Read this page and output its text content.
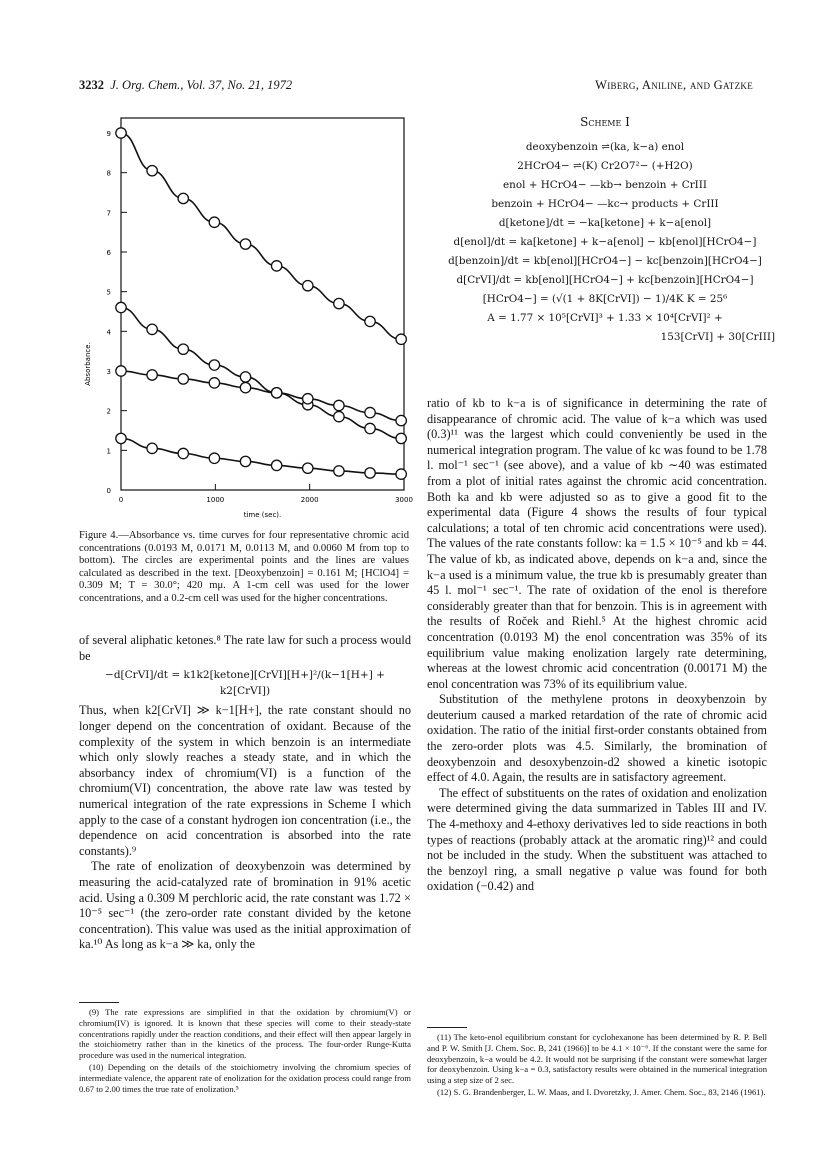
3232 J. Org. Chem., Vol. 37, No. 21, 1972	Wiberg, Aniline, and Gatzke
0
1
2
3
4
5
6
7
8
9
0	1000	2000	3000
time (sec).
Absorbance.
Figure 4.—Absorbance vs. time curves for four representative chromic acid concentrations (0.0193 M, 0.0171 M, 0.0113 M, and 0.0060 M from top to bottom). The circles are experimental points and the lines are values calculated as described in the text. [Deoxybenzoin] = 0.161 M; [HClO4] = 0.309 M; T = 30.0°; 420 mμ. A 1-cm cell was used for the lower concentrations, and a 0.2-cm cell was used for the higher concentrations.
Scheme I
deoxybenzoin ⇌(ka, k−a) enol
2HCrO4− ⇌(K) Cr2O7²− (+H2O)
enol + HCrO4− —kb→ benzoin + CrIII
benzoin + HCrO4− —kc→ products + CrIII
d[ketone]/dt = −ka[ketone] + k−a[enol]
d[enol]/dt = ka[ketone] + k−a[enol] − kb[enol][HCrO4−]
d[benzoin]/dt = kb[enol][HCrO4−] − kc[benzoin][HCrO4−]
d[CrVI]/dt = kb[enol][HCrO4−] + kc[benzoin][HCrO4−]
[HCrO4−] = (√(1 + 8K[CrVI]) − 1)/4K K = 25⁶
A = 1.77 × 10⁵[CrVI]³ + 1.33 × 10⁴[CrVI]² +
153[CrVI] + 30[CrIII]

of several aliphatic ketones.⁸ The rate law for such a process would be

−d[CrVI]/dt = k1k2[ketone][CrVI][H+]²/(k−1[H+] + k2[CrVI])

Thus, when k2[CrVI] ≫ k−1[H+], the rate constant should no longer depend on the concentration of oxidant. Because of the complexity of the system in which benzoin is an intermediate which only slowly reaches a steady state, and in which the absorbancy index of chromium(VI) is a function of the chromium(VI) concentration, the above rate law was tested by numerical integration of the rate expressions in Scheme I which apply to the case of a constant hydrogen ion concentration (i.e., the dependence on acid concentration is absorbed into the rate constants).⁹

The rate of enolization of deoxybenzoin was determined by measuring the acid-catalyzed rate of bromination in 91% acetic acid. Using a 0.309 M perchloric acid, the rate constant was 1.72 × 10⁻⁵ sec⁻¹ (the zero-order rate constant divided by the ketone concentration). This value was used as the initial approximation of ka.¹⁰ As long as k−a ≫ ka, only the

ratio of kb to k−a is of significance in determining the rate of disappearance of chromic acid. The value of k−a which was used (0.3)¹¹ was the largest which could conveniently be used in the numerical integration program. The value of kc was found to be 1.78 l. mol⁻¹ sec⁻¹ (see above), and a value of kb ∼40 was estimated from a plot of initial rates against the chromic acid concentration. Both ka and kb were adjusted so as to give a good fit to the experimental data (Figure 4 shows the results of four typical calculations; a total of ten chromic acid concentrations were used). The values of the rate constants follow: ka = 1.5 × 10⁻⁵ and kb = 44. The value of kb, as indicated above, depends on k−a and, since the k−a used is a minimum value, the true kb is presumably greater than 45 l. mol⁻¹ sec⁻¹. The rate of oxidation of the enol is therefore considerably greater than that for benzoin. This is in agreement with the results of Roček and Riehl.⁵ At the highest chromic acid concentration (0.0193 M) the enol concentration was 35% of its equilibrium value making enolization largely rate determining, whereas at the lowest chromic acid concentration (0.00171 M) the enol concentration was 73% of its equilibrium value.

Substitution of the methylene protons in deoxybenzoin by deuterium caused a marked retardation of the rate of chromic acid oxidation. The ratio of the initial first-order constants obtained from the zero-order plots was 4.5. Similarly, the bromination of deoxybenzoin and desoxybenzoin-d2 showed a kinetic isotopic effect of 4.0. Again, the results are in satisfactory agreement.

The effect of substituents on the rates of oxidation and enolization were determined giving the data summarized in Tables III and IV. The 4-methoxy and 4-ethoxy derivatives led to side reactions in both types of reactions (probably attack at the aromatic ring)¹² and could not be included in the study. When the substituent was attached to the benzoyl ring, a small negative ρ value was found for both oxidation (−0.42) and

(9) The rate expressions are simplified in that the oxidation by chromium(V) or chromium(IV) is ignored. It is known that these species will come to their steady-state concentrations rapidly under the reaction conditions, and their effect will then appear largely in the stoichiometry rather than in the kinetics of the process. The four-order Runge-Kutta procedure was used in the numerical integration.

(10) Depending on the details of the stoichiometry involving the chromium species of intermediate valence, the apparent rate of enolization for the oxidation process could range from 0.67 to 2.00 times the true rate of enolization.⁵

(11) The keto-enol equilibrium constant for cyclohexanone has been determined by R. P. Bell and P. W. Smith [J. Chem. Soc. B, 241 (1966)] to be 4.1 × 10⁻⁶. If the constant were the same for deoxybenzoin, k−a would be 4.2. It would not be surprising if the constant were somewhat larger for deoxybenzoin. Using k−a = 0.3, satisfactory results were obtained in the numerical integration using a step size of 2 sec.

(12) S. G. Brandenberger, L. W. Maas, and I. Dvoretzky, J. Amer. Chem. Soc., 83, 2146 (1961).
